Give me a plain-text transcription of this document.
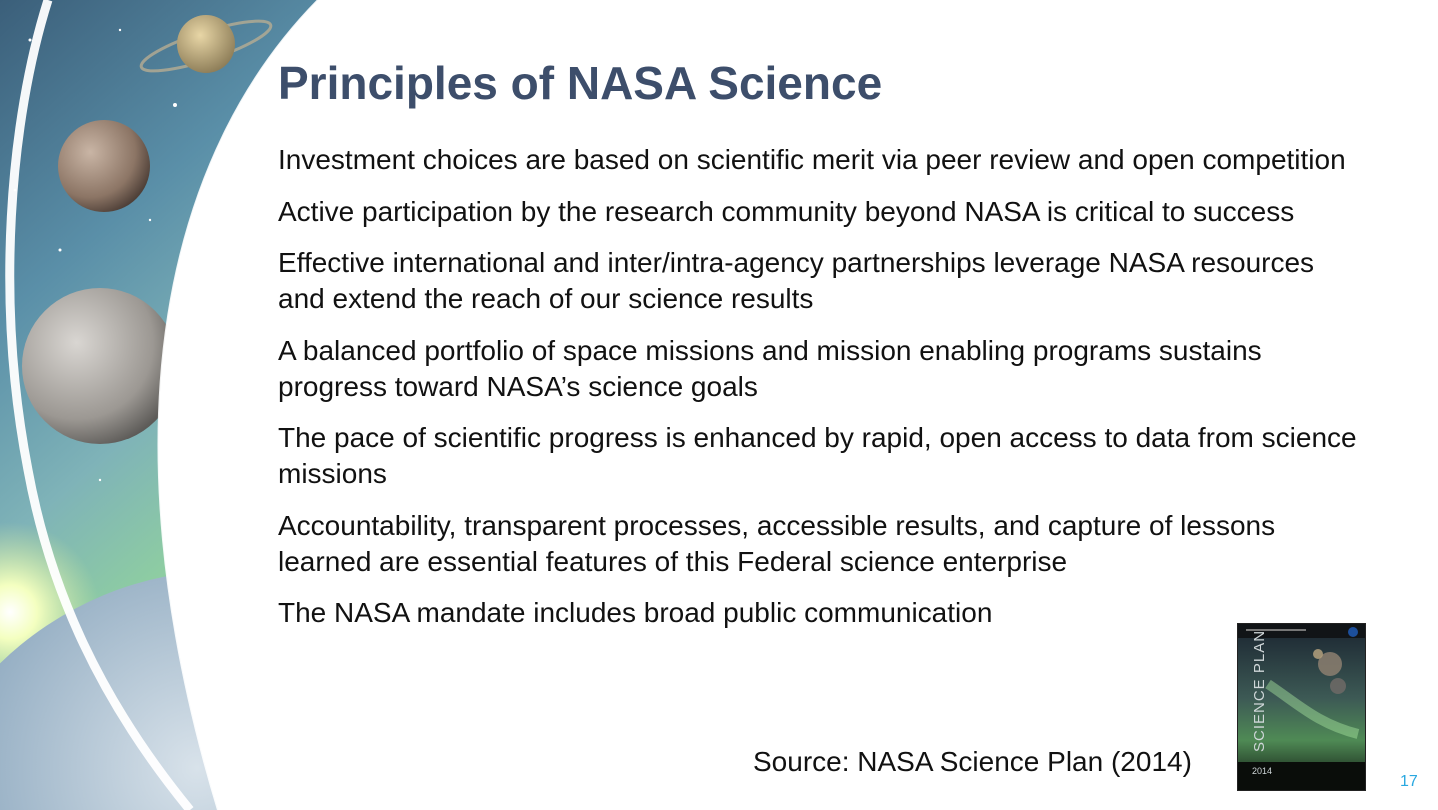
Principles of NASA Science
Investment choices are based on scientific merit via peer review and open competition
Active participation by the research community beyond NASA is critical to success
Effective international and inter/intra-agency partnerships leverage NASA resources and extend the reach of our science results
A balanced portfolio of space missions and mission enabling programs sustains progress toward NASA’s science goals
The pace of scientific progress is enhanced by rapid, open access to data from science missions
Accountability, transparent processes, accessible results, and capture of lessons learned are essential features of this Federal science enterprise
The NASA mandate includes broad public communication
Source: NASA Science Plan (2014)
SCIENCE PLAN
2014
17
